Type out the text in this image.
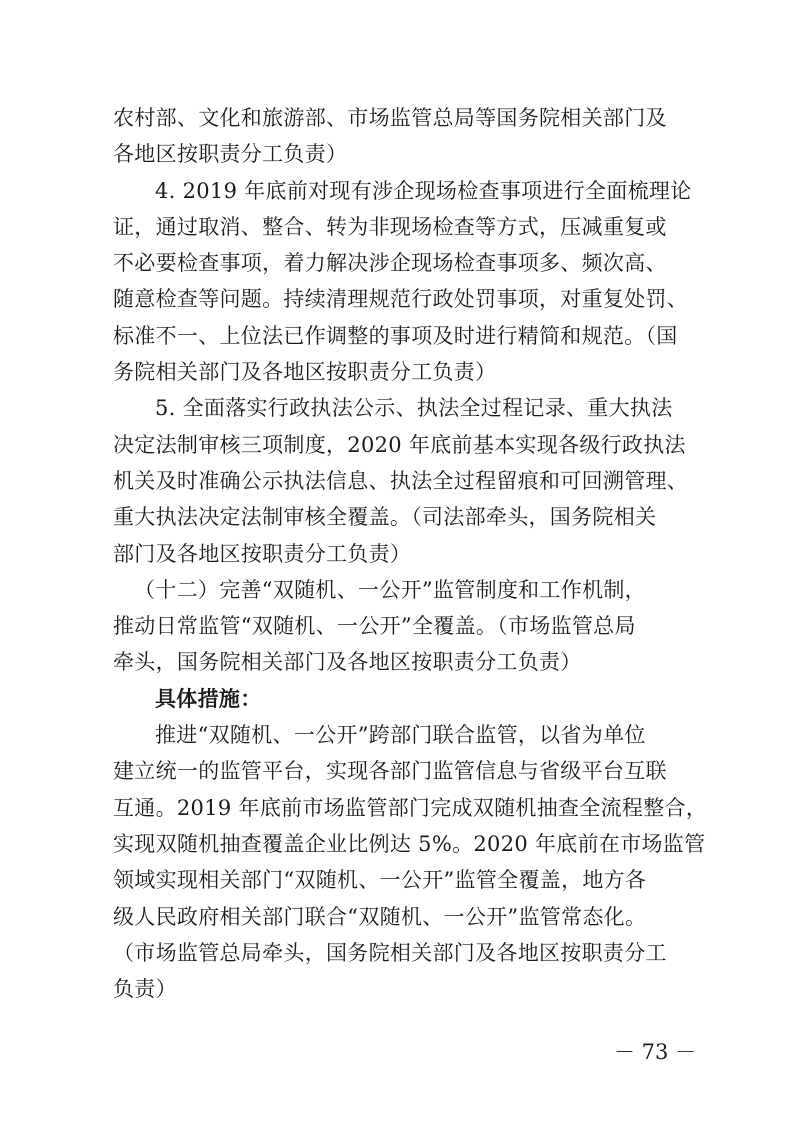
农村部、文化和旅游部、市场监管总局等国务院相关部门及
各地区按职责分工负责）
4. 2019 年底前对现有涉企现场检查事项进行全面梳理论
证，通过取消、整合、转为非现场检查等方式，压减重复或
不必要检查事项，着力解决涉企现场检查事项多、频次高、
随意检查等问题。持续清理规范行政处罚事项，对重复处罚、
标准不一、上位法已作调整的事项及时进行精简和规范。（国
务院相关部门及各地区按职责分工负责）
5. 全面落实行政执法公示、执法全过程记录、重大执法
决定法制审核三项制度，2020 年底前基本实现各级行政执法
机关及时准确公示执法信息、执法全过程留痕和可回溯管理、
重大执法决定法制审核全覆盖。（司法部牵头，国务院相关
部门及各地区按职责分工负责）
（十二）完善“双随机、一公开”监管制度和工作机制，
推动日常监管“双随机、一公开”全覆盖。（市场监管总局
牵头，国务院相关部门及各地区按职责分工负责）
具体措施：
推进“双随机、一公开”跨部门联合监管，以省为单位
建立统一的监管平台，实现各部门监管信息与省级平台互联
互通。2019 年底前市场监管部门完成双随机抽查全流程整合，
实现双随机抽查覆盖企业比例达 5%。2020 年底前在市场监管
领域实现相关部门“双随机、一公开”监管全覆盖，地方各
级人民政府相关部门联合“双随机、一公开”监管常态化。
（市场监管总局牵头，国务院相关部门及各地区按职责分工
负责）
－ 73 －
